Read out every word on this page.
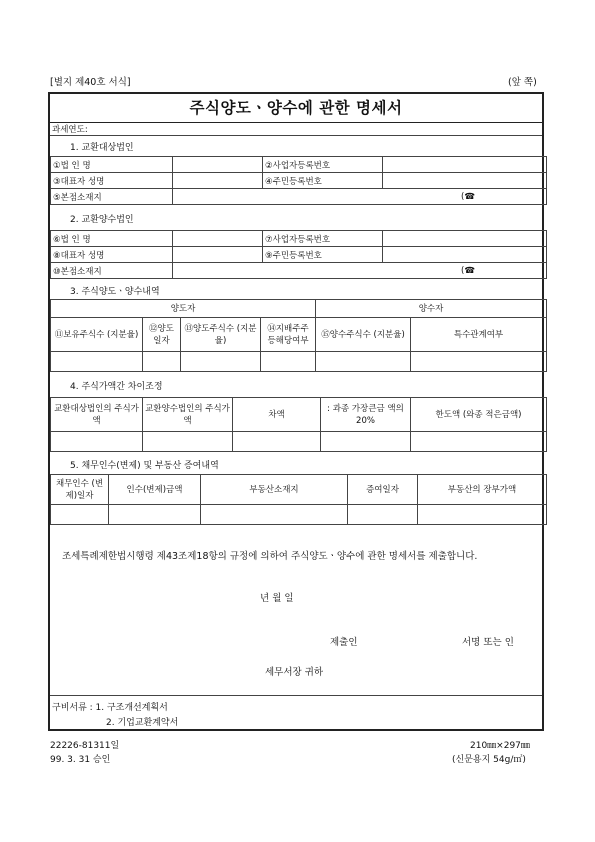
[별지 제40호 서식]	(앞 쪽)
주식양도ㆍ양수에 관한 명세서
과세연도:
1. 교환대상법인
①법 인 명		②사업자등록번호	
③대표자 성명		④주민등록번호	
⑤본점소재지	(☎		
2. 교환양수법인
⑥법 인 명		⑦사업자등록번호	
⑧대표자 성명		⑨주민등록번호	
⑩본점소재지	(☎		
3. 주식양도ㆍ양수내역
양도자				양수자	
⑪보유주식수 (지분율)	⑫양도 일자	⑬양도주식수 (지분율)	⑭지배주주 등해당여부	⑮양수주식수 (지분율)	특수관계여부

4. 주식가액간 차이조정
교환대상법인의 주식가액	교환양수법인의 주식가액	차액	: 과종 가장큰금 액의 20%	한도액 (와종 적은금액)

5. 채무인수(변제) 및 부동산 증여내역
채무인수 (변제)일자	인수(변제)금액	부동산소재지	증여일자	부동산의 장부가액

조세특례제한법시행령 제43조제18항의 규정에 의하여 주식양도ㆍ양수에 관한 명세서를 제출합니다.
년 월 일
제출인	서명 또는 인
세무서장 귀하
구비서류 : 1. 구조개선계획서
2. 기업교환계약서
22226-81311일
99. 3. 31 승인
210㎜×297㎜
(신문용지 54g/㎡)
